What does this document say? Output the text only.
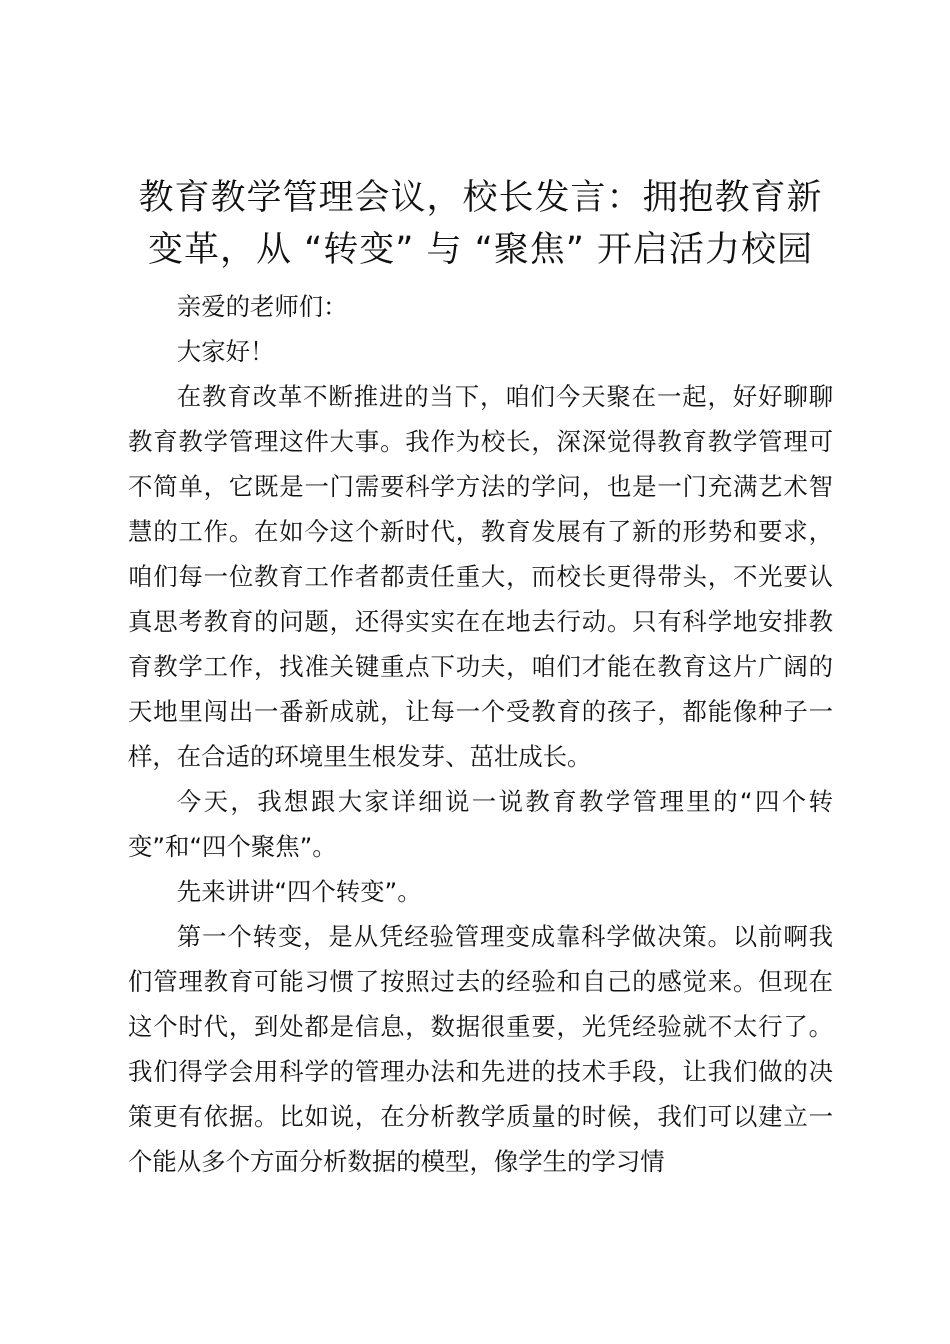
教育教学管理会议，校长发言：拥抱教育新变革，从 “转变” 与 “聚焦” 开启活力校园

亲爱的老师们：

大家好！

在教育改革不断推进的当下，咱们今天聚在一起，好好聊聊教育教学管理这件大事。我作为校长，深深觉得教育教学管理可不简单，它既是一门需要科学方法的学问，也是一门充满艺术智慧的工作。在如今这个新时代，教育发展有了新的形势和要求，咱们每一位教育工作者都责任重大，而校长更得带头，不光要认真思考教育的问题，还得实实在在地去行动。只有科学地安排教育教学工作，找准关键重点下功夫，咱们才能在教育这片广阔的天地里闯出一番新成就，让每一个受教育的孩子，都能像种子一样，在合适的环境里生根发芽、茁壮成长。

今天，我想跟大家详细说一说教育教学管理里的“四个转变”和“四个聚焦”。

先来讲讲“四个转变”。

第一个转变，是从凭经验管理变成靠科学做决策。以前啊我们管理教育可能习惯了按照过去的经验和自己的感觉来。但现在这个时代，到处都是信息，数据很重要，光凭经验就不太行了。我们得学会用科学的管理办法和先进的技术手段，让我们做的决策更有依据。比如说，在分析教学质量的时候，我们可以建立一个能从多个方面分析数据的模型，像学生的学习情
